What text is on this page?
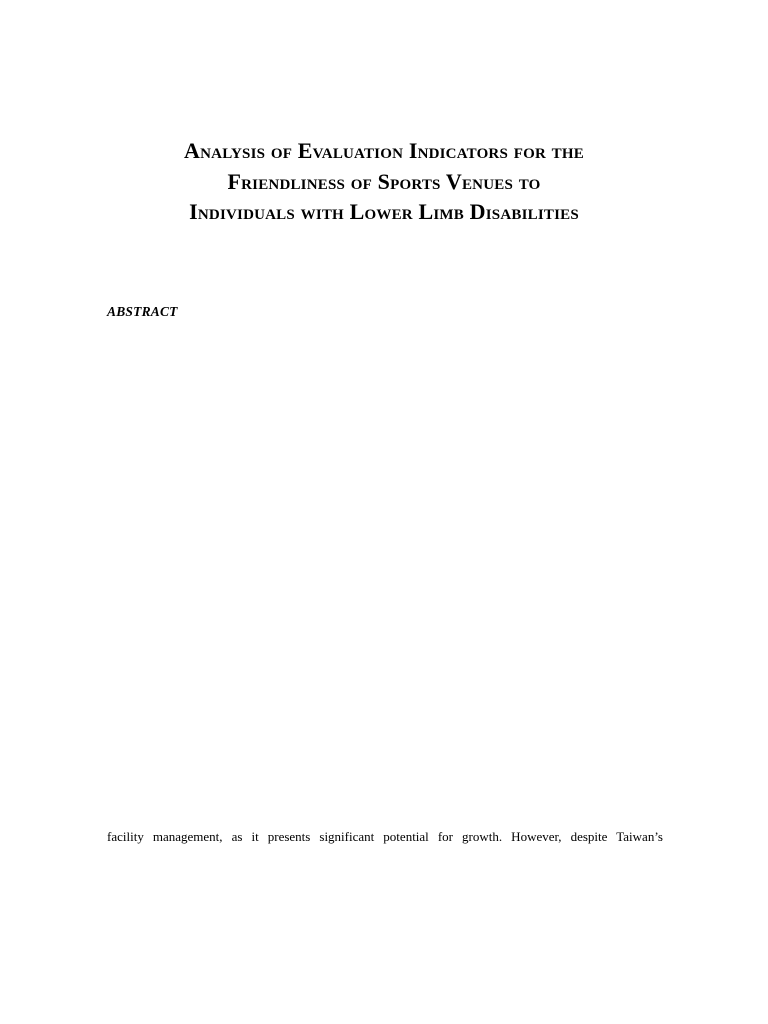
Analysis of Evaluation Indicators for the
Friendliness of Sports Venues to
Individuals with Lower Limb Disabilities
ABSTRACT
facility management, as it presents significant potential for growth. However, despite Taiwan’s
